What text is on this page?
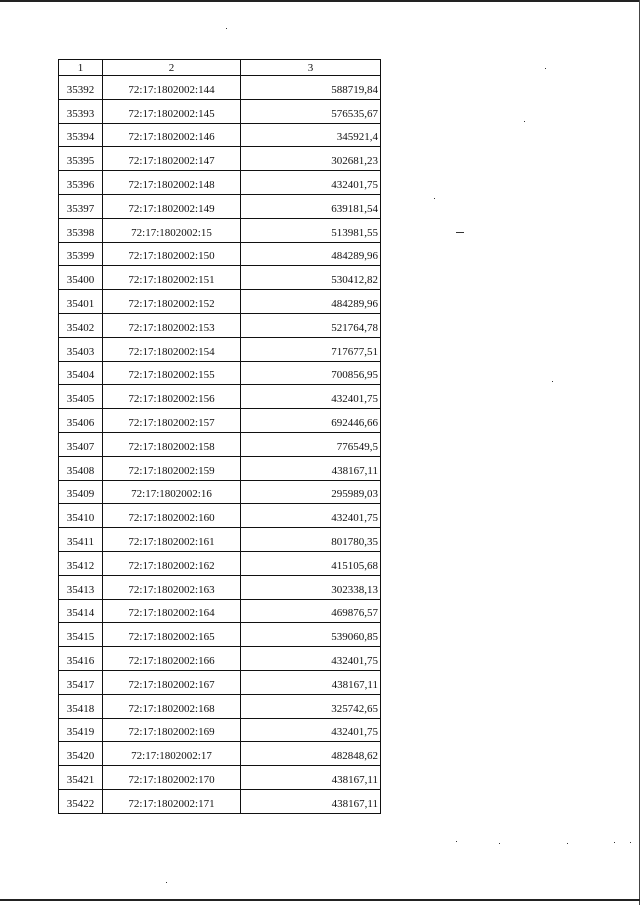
1	2	3
35392	72:17:1802002:144	588719,84
35393	72:17:1802002:145	576535,67
35394	72:17:1802002:146	345921,4
35395	72:17:1802002:147	302681,23
35396	72:17:1802002:148	432401,75
35397	72:17:1802002:149	639181,54
35398	72:17:1802002:15	513981,55
35399	72:17:1802002:150	484289,96
35400	72:17:1802002:151	530412,82
35401	72:17:1802002:152	484289,96
35402	72:17:1802002:153	521764,78
35403	72:17:1802002:154	717677,51
35404	72:17:1802002:155	700856,95
35405	72:17:1802002:156	432401,75
35406	72:17:1802002:157	692446,66
35407	72:17:1802002:158	776549,5
35408	72:17:1802002:159	438167,11
35409	72:17:1802002:16	295989,03
35410	72:17:1802002:160	432401,75
35411	72:17:1802002:161	801780,35
35412	72:17:1802002:162	415105,68
35413	72:17:1802002:163	302338,13
35414	72:17:1802002:164	469876,57
35415	72:17:1802002:165	539060,85
35416	72:17:1802002:166	432401,75
35417	72:17:1802002:167	438167,11
35418	72:17:1802002:168	325742,65
35419	72:17:1802002:169	432401,75
35420	72:17:1802002:17	482848,62
35421	72:17:1802002:170	438167,11
35422	72:17:1802002:171	438167,11
